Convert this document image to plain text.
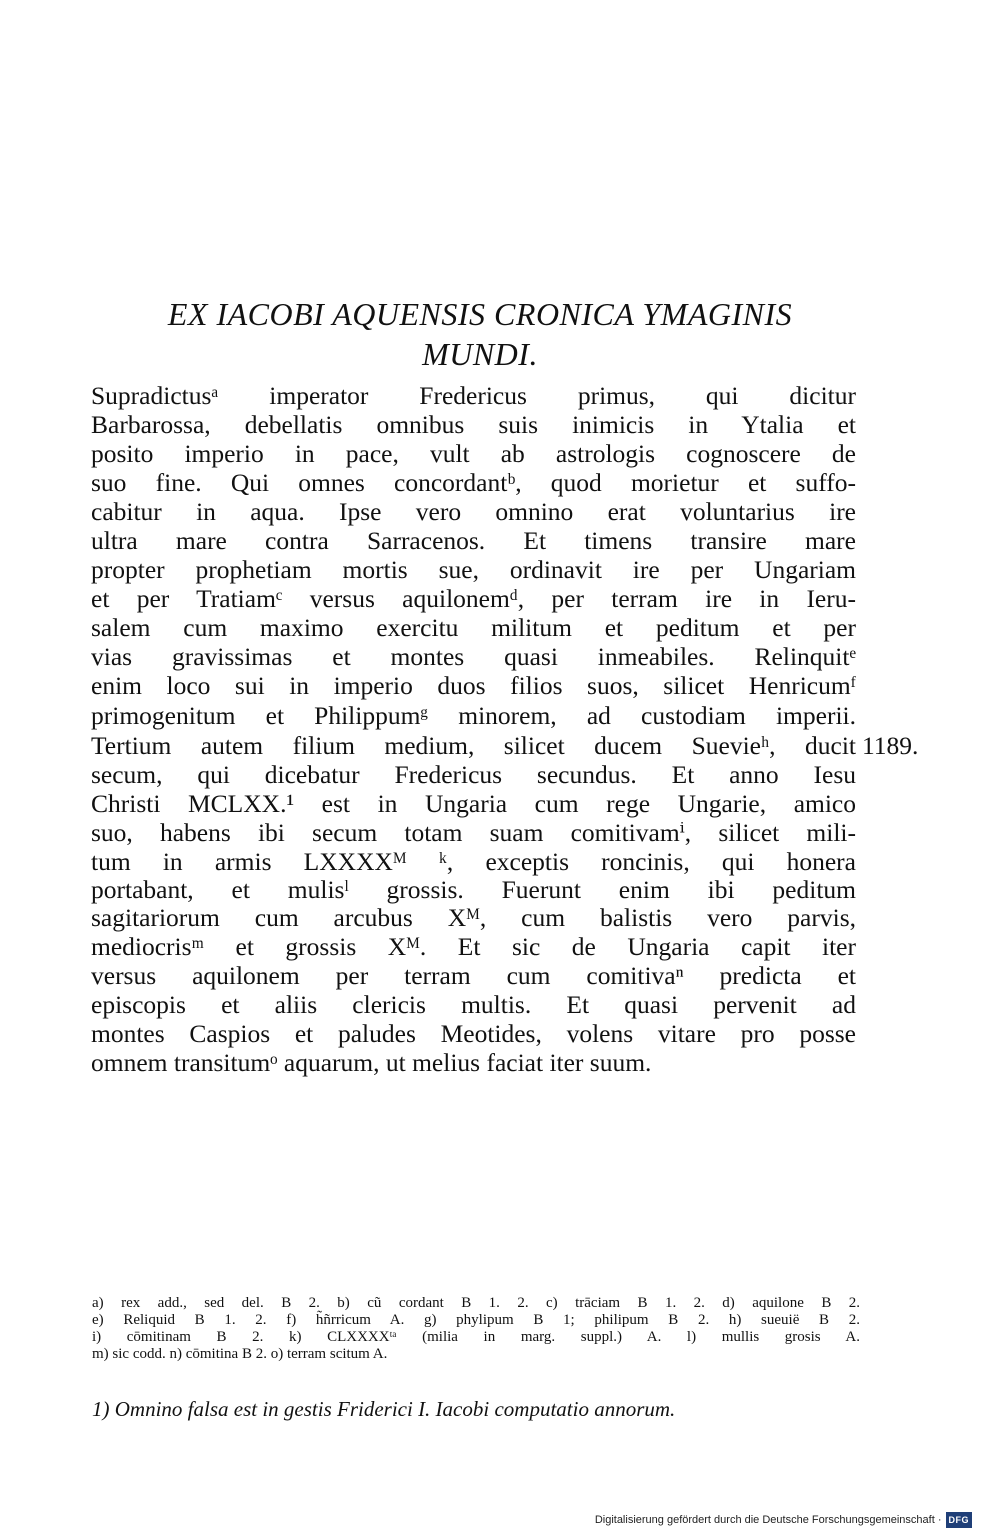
EX IACOBI AQUENSIS CRONICA YMAGINIS
MUNDI.
Supradictusᵃ imperator Fredericus primus, qui dicitur
Barbarossa, debellatis omnibus suis inimicis in Ytalia et
posito imperio in pace, vult ab astrologis cognoscere de
suo fine. Qui omnes concordantᵇ, quod morietur et suffo-
cabitur in aqua. Ipse vero omnino erat voluntarius ire
ultra mare contra Sarracenos. Et timens transire mare
propter prophetiam mortis sue, ordinavit ire per Ungariam
et per Tratiamᶜ versus aquilonemᵈ, per terram ire in Ieru-
salem cum maximo exercitu militum et peditum et per
vias gravissimas et montes quasi inmeabiles. Relinquitᵉ
enim loco sui in imperio duos filios suos, silicet Henricumᶠ
primogenitum et Philippumᵍ minorem, ad custodiam imperii.
Tertium autem filium medium, silicet ducem Suevieʰ, ducit
secum, qui dicebatur Fredericus secundus. Et anno Iesu
Christi MCLXX.¹ est in Ungaria cum rege Ungarie, amico
suo, habens ibi secum totam suam comitivamⁱ, silicet mili-
tum in armis LXXXXᴹ ᵏ, exceptis roncinis, qui honera
portabant, et mulisˡ grossis. Fuerunt enim ibi peditum
sagitariorum cum arcubus Xᴹ, cum balistis vero parvis,
mediocrisᵐ et grossis Xᴹ. Et sic de Ungaria capit iter
versus aquilonem per terram cum comitivaⁿ predicta et
episcopis et aliis clericis multis. Et quasi pervenit ad
montes Caspios et paludes Meotides, volens vitare pro posse
omnem transitumᵒ aquarum, ut melius faciat iter suum.
1189.
a) rex add., sed del. B 2. b) cũ cordant B 1. 2. c) trāciam B 1. 2. d) aquilone B 2.
e) Reliquid B 1. 2. f) h̃ñrricum A. g) phylipum B 1; philipum B 2. h) sueuië B 2.
i) cōmitinam B 2. k) CLXXXXᵗᵃ (milia in marg. suppl.) A. l) mullis grosis A.
m) sic codd. n) cōmitina B 2. o) terram scitum A.
1) Omnino falsa est in gestis Friderici I. Iacobi computatio annorum.
Digitalisierung gefördert durch die Deutsche Forschungsgemeinschaft · DFG
